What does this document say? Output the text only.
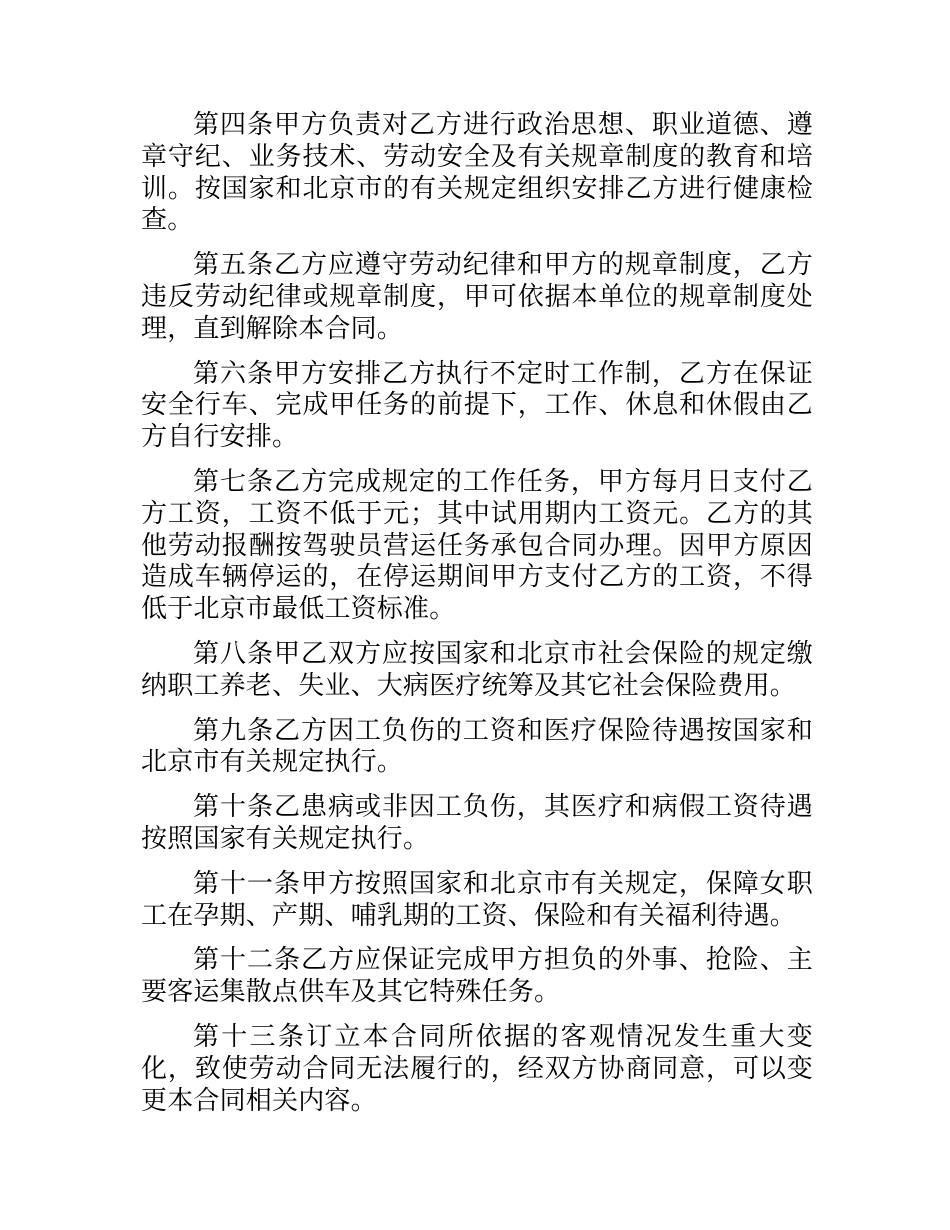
第四条甲方负责对乙方进行政治思想、职业道德、遵章守纪、业务技术、劳动安全及有关规章制度的教育和培训。按国家和北京市的有关规定组织安排乙方进行健康检查。

第五条乙方应遵守劳动纪律和甲方的规章制度，乙方违反劳动纪律或规章制度，甲可依据本单位的规章制度处理，直到解除本合同。

第六条甲方安排乙方执行不定时工作制，乙方在保证安全行车、完成甲任务的前提下，工作、休息和休假由乙方自行安排。

第七条乙方完成规定的工作任务，甲方每月日支付乙方工资，工资不低于元；其中试用期内工资元。乙方的其他劳动报酬按驾驶员营运任务承包合同办理。因甲方原因造成车辆停运的，在停运期间甲方支付乙方的工资，不得低于北京市最低工资标准。

第八条甲乙双方应按国家和北京市社会保险的规定缴纳职工养老、失业、大病医疗统筹及其它社会保险费用。

第九条乙方因工负伤的工资和医疗保险待遇按国家和北京市有关规定执行。

第十条乙患病或非因工负伤，其医疗和病假工资待遇按照国家有关规定执行。

第十一条甲方按照国家和北京市有关规定，保障女职工在孕期、产期、哺乳期的工资、保险和有关福利待遇。

第十二条乙方应保证完成甲方担负的外事、抢险、主要客运集散点供车及其它特殊任务。

第十三条订立本合同所依据的客观情况发生重大变化，致使劳动合同无法履行的，经双方协商同意，可以变更本合同相关内容。
